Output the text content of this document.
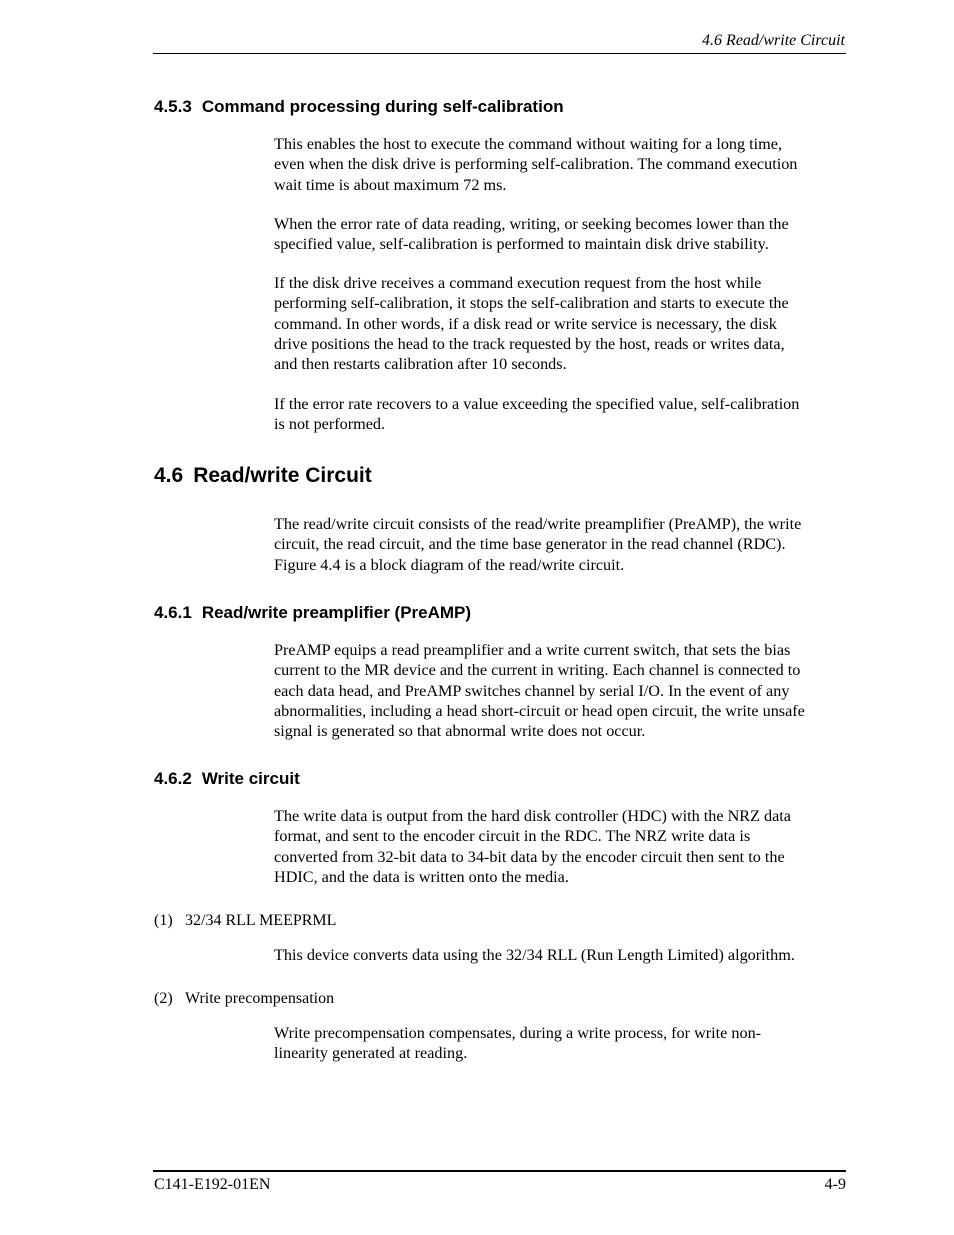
4.6 Read/write Circuit
4.5.3 Command processing during self-calibration

This enables the host to execute the command without waiting for a long time,
even when the disk drive is performing self-calibration. The command execution
wait time is about maximum 72 ms.

When the error rate of data reading, writing, or seeking becomes lower than the
specified value, self-calibration is performed to maintain disk drive stability.

If the disk drive receives a command execution request from the host while
performing self-calibration, it stops the self-calibration and starts to execute the
command. In other words, if a disk read or write service is necessary, the disk
drive positions the head to the track requested by the host, reads or writes data,
and then restarts calibration after 10 seconds.

If the error rate recovers to a value exceeding the specified value, self-calibration
is not performed.

4.6 Read/write Circuit

The read/write circuit consists of the read/write preamplifier (PreAMP), the write
circuit, the read circuit, and the time base generator in the read channel (RDC).
Figure 4.4 is a block diagram of the read/write circuit.

4.6.1 Read/write preamplifier (PreAMP)

PreAMP equips a read preamplifier and a write current switch, that sets the bias
current to the MR device and the current in writing. Each channel is connected to
each data head, and PreAMP switches channel by serial I/O. In the event of any
abnormalities, including a head short-circuit or head open circuit, the write unsafe
signal is generated so that abnormal write does not occur.

4.6.2 Write circuit

The write data is output from the hard disk controller (HDC) with the NRZ data
format, and sent to the encoder circuit in the RDC. The NRZ write data is
converted from 32-bit data to 34-bit data by the encoder circuit then sent to the
HDIC, and the data is written onto the media.

(1) 32/34 RLL MEEPRML

This device converts data using the 32/34 RLL (Run Length Limited) algorithm.

(2) Write precompensation

Write precompensation compensates, during a write process, for write non-
linearity generated at reading.

C141-E192-01EN	4-9
